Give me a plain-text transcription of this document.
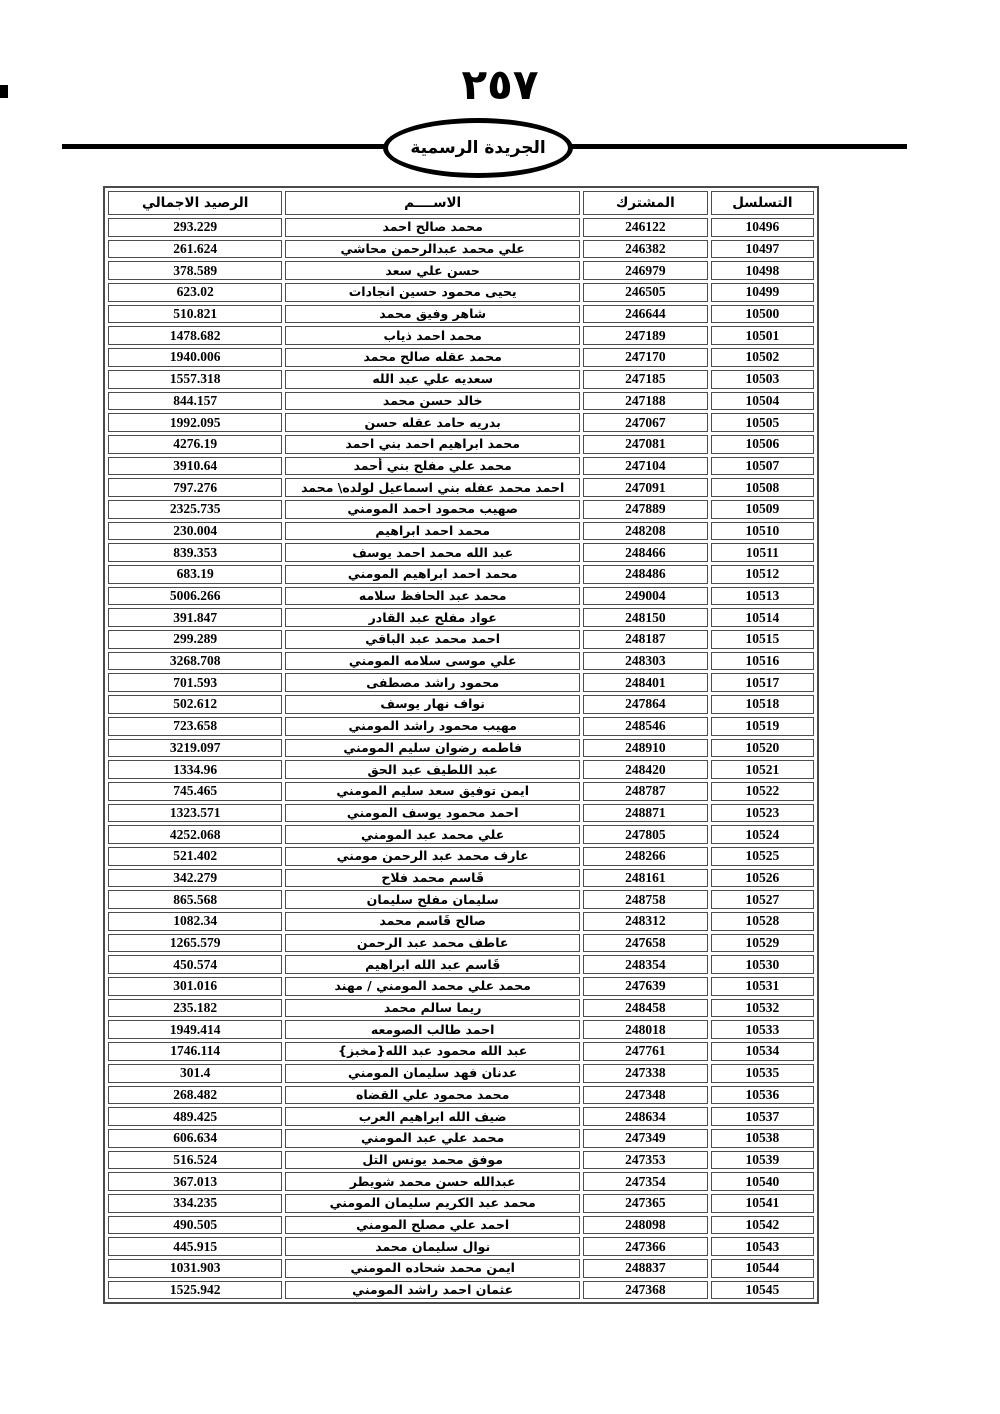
٢٥٧
الجريدة الرسمية
التسلسل	المشترك	الاســــم	الرصيد الاجمالي
10496	246122	محمد صالح احمد	293.229
10497	246382	علي محمد عبدالرحمن محاشي	261.624
10498	246979	حسن علي سعد	378.589
10499	246505	يحيى محمود حسين انجادات	623.02
10500	246644	شاهر وفيق محمد	510.821
10501	247189	محمد احمد ذياب	1478.682
10502	247170	محمد عقله صالح محمد	1940.006
10503	247185	سعديه علي عبد الله	1557.318
10504	247188	خالد حسن محمد	844.157
10505	247067	بدريه حامد عقله حسن	1992.095
10506	247081	محمد ابراهيم احمد بني احمد	4276.19
10507	247104	محمد علي مفلح بني أحمد	3910.64
10508	247091	احمد محمد عفله بني اسماعيل لولده\ محمد	797.276
10509	247889	صهيب محمود احمد المومني	2325.735
10510	248208	محمد احمد ابراهيم	230.004
10511	248466	عبد الله محمد احمد يوسف	839.353
10512	248486	محمد احمد ابراهيم المومني	683.19
10513	249004	محمد عبد الحافظ سلامه	5006.266
10514	248150	عواد مفلح عبد القادر	391.847
10515	248187	احمد محمد عبد الباقي	299.289
10516	248303	علي موسى سلامه المومني	3268.708
10517	248401	محمود راشد مصطفى	701.593
10518	247864	نواف نهار يوسف	502.612
10519	248546	مهيب محمود راشد المومني	723.658
10520	248910	فاطمه رضوان سليم المومني	3219.097
10521	248420	عبد اللطيف عبد الحق	1334.96
10522	248787	ايمن توفيق سعد سليم المومني	745.465
10523	248871	احمد محمود يوسف المومني	1323.571
10524	247805	علي محمد عبد المومني	4252.068
10525	248266	عارف محمد عبد الرحمن مومني	521.402
10526	248161	قَاسم محمد فلاح	342.279
10527	248758	سليمان مفلح سليمان	865.568
10528	248312	صالح قَاسم محمد	1082.34
10529	247658	عاطف محمد عبد الرحمن	1265.579
10530	248354	قَاسم عبد الله ابراهيم	450.574
10531	247639	محمد علي محمد المومني / مهند	301.016
10532	248458	ريما سالم محمد	235.182
10533	248018	احمد طالب الصومعه	1949.414
10534	247761	عبد الله محمود عبد الله{مخبز}	1746.114
10535	247338	عدنان فهد سليمان المومني	301.4
10536	247348	محمد محمود علي القضاه	268.482
10537	248634	ضيف الله ابراهيم العرب	489.425
10538	247349	محمد علي عبد المومني	606.634
10539	247353	موفق محمد يونس التل	516.524
10540	247354	عبدالله حسن محمد شويطر	367.013
10541	247365	محمد عبد الكريم سليمان المومني	334.235
10542	248098	احمد علي مصلح المومني	490.505
10543	247366	نوال سليمان محمد	445.915
10544	248837	ايمن محمد شحاده المومني	1031.903
10545	247368	عثمان احمد راشد المومني	1525.942
